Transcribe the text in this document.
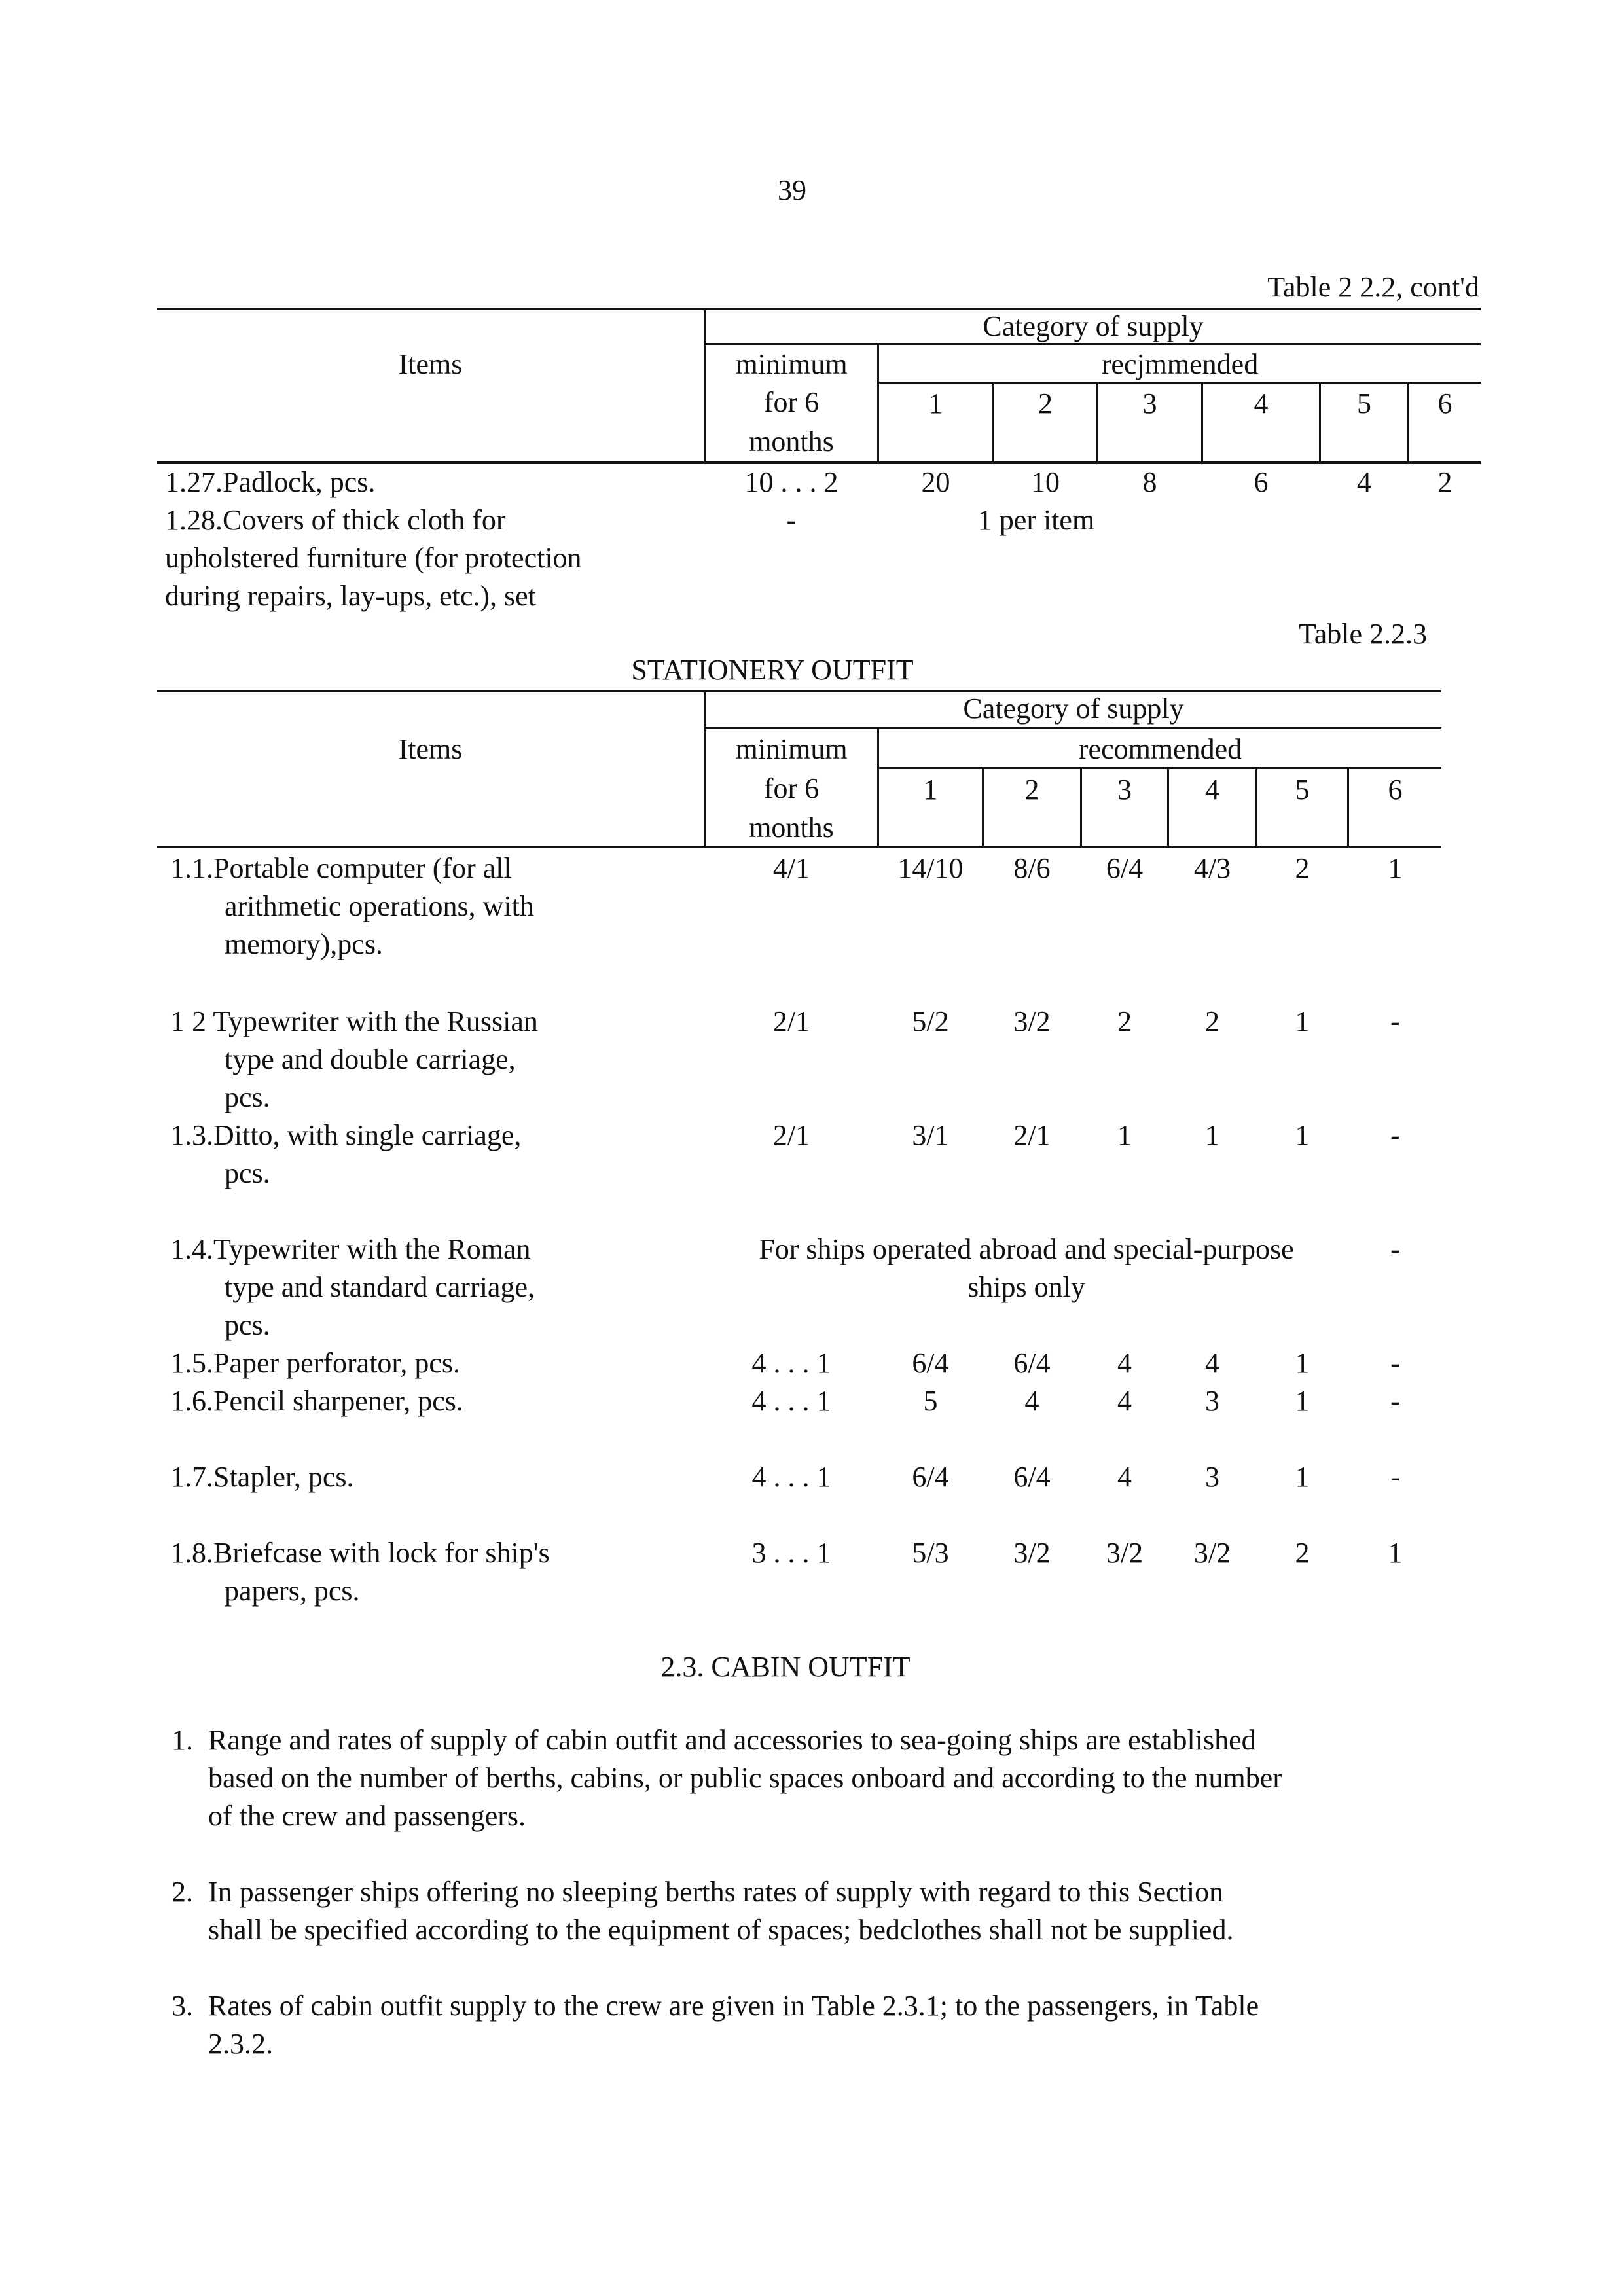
39
Table 2 2.2, cont'd
Items
Category of supply
minimum
for 6
months
recjmmended
1	2	3	4	5	6
1.27.Padlock, pcs.	10 . . . 2	20	10	8	6	4	2
1.28.Covers of thick cloth for
upholstered furniture (for protection
during repairs, lay-ups, etc.), set
-	1 per item
Table 2.2.3
STATIONERY OUTFIT
Items
Category of supply
minimum
for 6
months
recommended
1	2	3	4	5	6
1.1.Portable computer (for all
arithmetic operations, with
memory),pcs.
4/1	14/10	8/6	6/4	4/3	2	1
1 2 Typewriter with the Russian
type and double carriage,
pcs.
2/1	5/2	3/2	2	2	1	-
1.3.Ditto, with single carriage,
pcs.
2/1	3/1	2/1	1	1	1	-
1.4.Typewriter with the Roman
type and standard carriage,
pcs.
For ships operated abroad and special-purpose
ships only
-
1.5.Paper perforator, pcs.	4 . . . 1	6/4	6/4	4	4	1	-
1.6.Pencil sharpener, pcs.	4 . . . 1	5	4	4	3	1	-
1.7.Stapler, pcs.	4 . . . 1	6/4	6/4	4	3	1	-
1.8.Briefcase with lock for ship's
papers, pcs.
3 . . . 1	5/3	3/2	3/2	3/2	2	1
2.3. CABIN OUTFIT
1. Range and rates of supply of cabin outfit and accessories to sea-going ships are established
based on the number of berths, cabins, or public spaces onboard and according to the number
of the crew and passengers.
2. In passenger ships offering no sleeping berths rates of supply with regard to this Section
shall be specified according to the equipment of spaces; bedclothes shall not be supplied.
3. Rates of cabin outfit supply to the crew are given in Table 2.3.1; to the passengers, in Table
2.3.2.
